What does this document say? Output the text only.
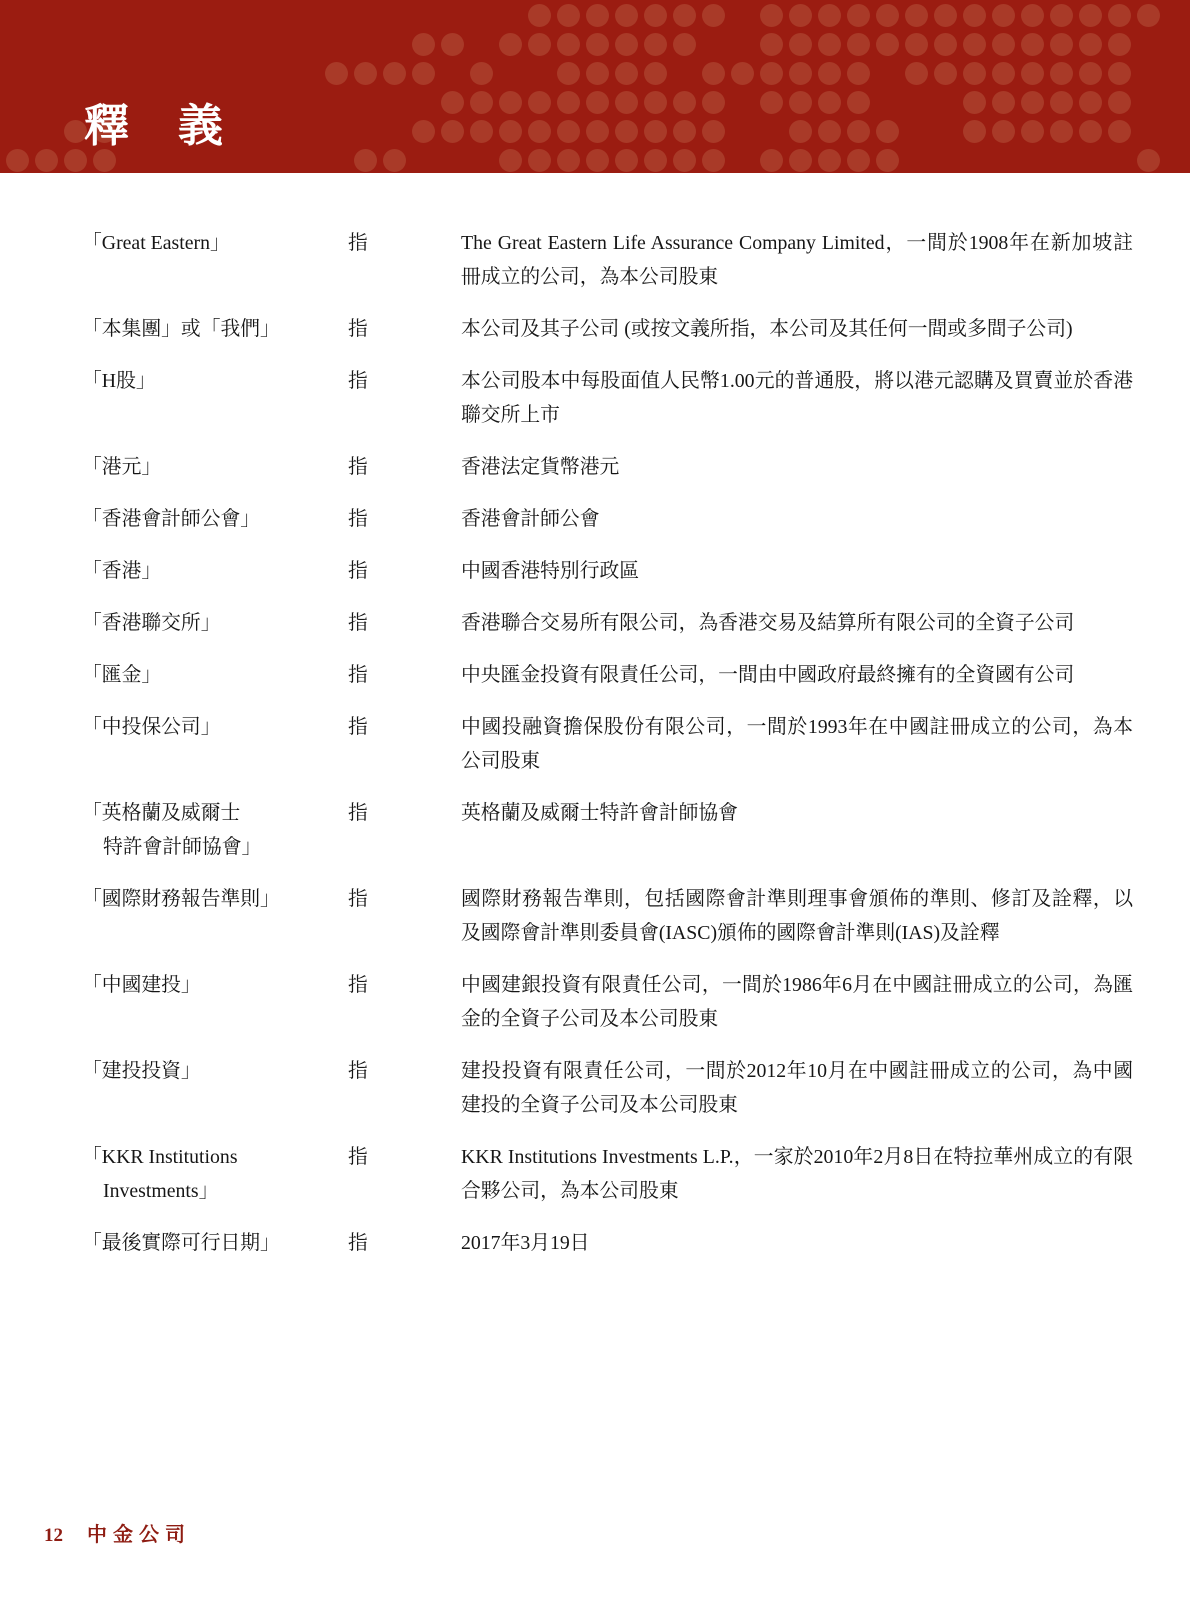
釋　義
「Great Eastern」	指	The Great Eastern Life Assurance Company Limited，一間於1908年在新加坡註冊成立的公司，為本公司股東
「本集團」或「我們」	指	本公司及其子公司 (或按文義所指，本公司及其任何一間或多間子公司)
「H股」	指	本公司股本中每股面值人民幣1.00元的普通股，將以港元認購及買賣並於香港聯交所上市
「港元」	指	香港法定貨幣港元
「香港會計師公會」	指	香港會計師公會
「香港」	指	中國香港特別行政區
「香港聯交所」	指	香港聯合交易所有限公司，為香港交易及結算所有限公司的全資子公司
「匯金」	指	中央匯金投資有限責任公司，一間由中國政府最終擁有的全資國有公司
「中投保公司」	指	中國投融資擔保股份有限公司，一間於1993年在中國註冊成立的公司，為本公司股東
「英格蘭及威爾士
特許會計師協會」
指	英格蘭及威爾士特許會計師協會
「國際財務報告準則」	指	國際財務報告準則，包括國際會計準則理事會頒佈的準則、修訂及詮釋，以及國際會計準則委員會(IASC)頒佈的國際會計準則(IAS)及詮釋
「中國建投」	指	中國建銀投資有限責任公司，一間於1986年6月在中國註冊成立的公司，為匯金的全資子公司及本公司股東
「建投投資」	指	建投投資有限責任公司，一間於2012年10月在中國註冊成立的公司，為中國建投的全資子公司及本公司股東
「KKR Institutions
Investments」
指	KKR Institutions Investments L.P.，一家於2010年2月8日在特拉華州成立的有限合夥公司，為本公司股東
「最後實際可行日期」	指	2017年3月19日
12 中金公司
